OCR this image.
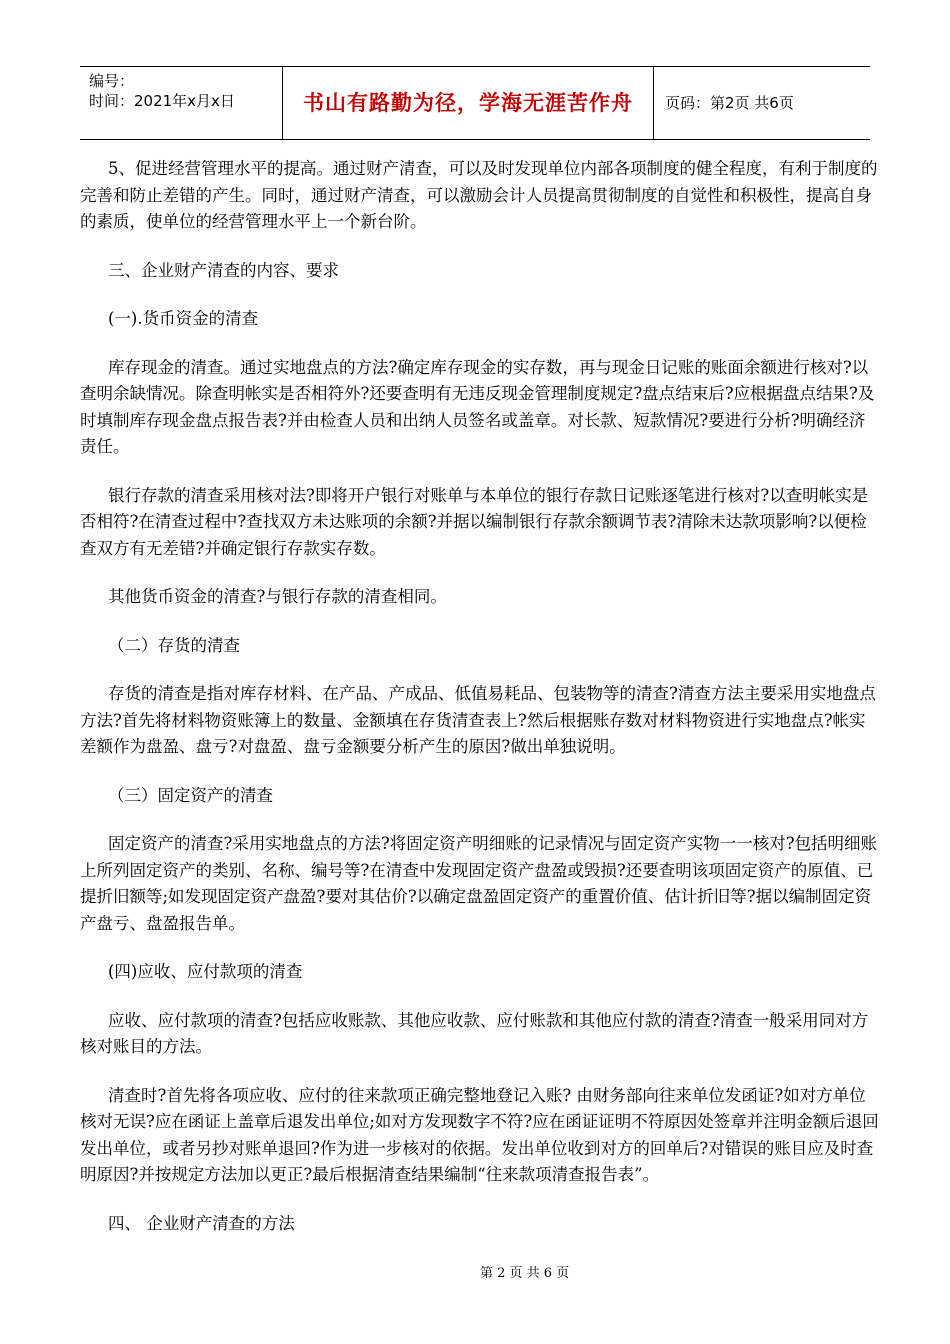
编号：
时间：2021年x月x日	书山有路勤为径，学海无涯苦作舟	页码：第2页 共6页

5、促进经营管理水平的提高。通过财产清查，可以及时发现单位内部各项制度的健全程度，有利于制度的完善和防止差错的产生。同时，通过财产清查，可以激励会计人员提高贯彻制度的自觉性和积极性，提高自身的素质，使单位的经营管理水平上一个新台阶。

三、企业财产清查的内容、要求

(一).货币资金的清查

库存现金的清查。通过实地盘点的方法?确定库存现金的实存数，再与现金日记账的账面余额进行核对?以查明余缺情况。除查明帐实是否相符外?还要查明有无违反现金管理制度规定?盘点结束后?应根据盘点结果?及时填制库存现金盘点报告表?并由检查人员和出纳人员签名或盖章。对长款、短款情况?要进行分析?明确经济责任。

银行存款的清查采用核对法?即将开户银行对账单与本单位的银行存款日记账逐笔进行核对?以查明帐实是否相符?在清查过程中?查找双方未达账项的余额?并据以编制银行存款余额调节表?清除未达款项影响?以便检查双方有无差错?并确定银行存款实存数。

其他货币资金的清查?与银行存款的清查相同。

（二）存货的清查

存货的清查是指对库存材料、在产品、产成品、低值易耗品、包装物等的清查?清查方法主要采用实地盘点方法?首先将材料物资账簿上的数量、金额填在存货清查表上?然后根据账存数对材料物资进行实地盘点?帐实差额作为盘盈、盘亏?对盘盈、盘亏金额要分析产生的原因?做出单独说明。

（三）固定资产的清查

固定资产的清查?采用实地盘点的方法?将固定资产明细账的记录情况与固定资产实物一一核对?包括明细账上所列固定资产的类别、名称、编号等?在清查中发现固定资产盘盈或毁损?还要查明该项固定资产的原值、已提折旧额等;如发现固定资产盘盈?要对其估价?以确定盘盈固定资产的重置价值、估计折旧等?据以编制固定资产盘亏、盘盈报告单。

(四)应收、应付款项的清查

应收、应付款项的清查?包括应收账款、其他应收款、应付账款和其他应付款的清查?清查一般采用同对方核对账目的方法。

清查时?首先将各项应收、应付的往来款项正确完整地登记入账? 由财务部向往来单位发函证?如对方单位核对无误?应在函证上盖章后退发出单位;如对方发现数字不符?应在函证证明不符原因处签章并注明金额后退回发出单位，或者另抄对账单退回?作为进一步核对的依据。发出单位收到对方的回单后?对错误的账目应及时查明原因?并按规定方法加以更正?最后根据清查结果编制“往来款项清查报告表”。

四、 企业财产清查的方法

第 2 页 共 6 页
